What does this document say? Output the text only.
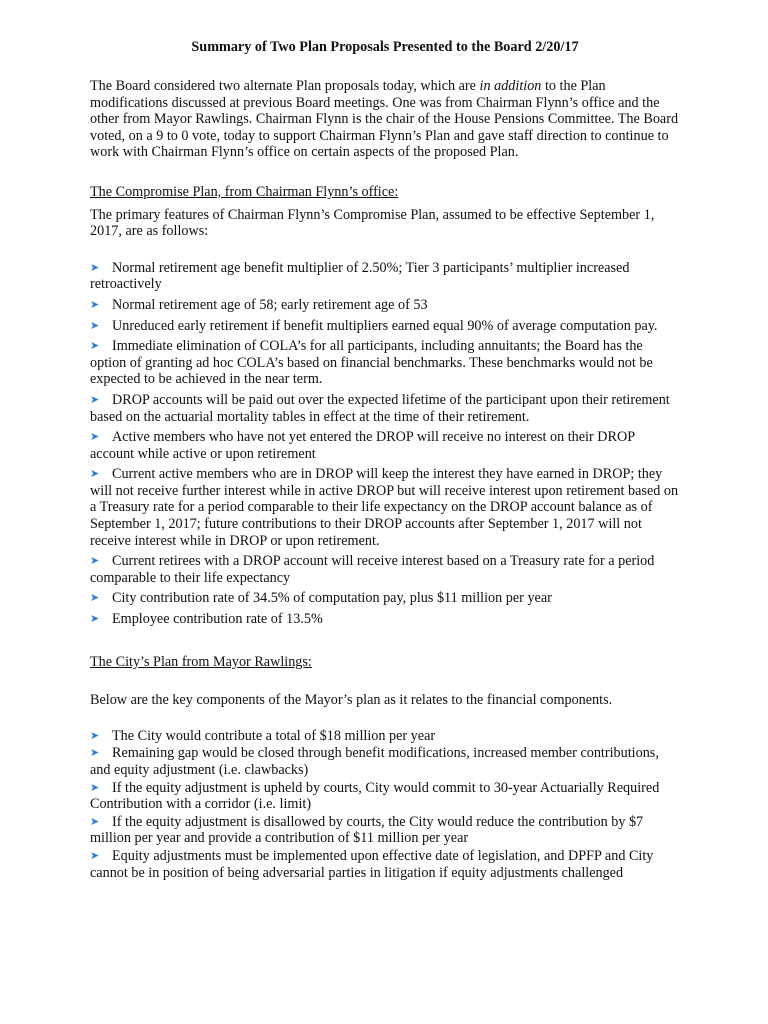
Summary of Two Plan Proposals Presented to the Board 2/20/17

The Board considered two alternate Plan proposals today, which are in addition to the Plan modifications discussed at previous Board meetings. One was from Chairman Flynn’s office and the other from Mayor Rawlings. Chairman Flynn is the chair of the House Pensions Committee. The Board voted, on a 9 to 0 vote, today to support Chairman Flynn’s Plan and gave staff direction to continue to work with Chairman Flynn’s office on certain aspects of the proposed Plan.

The Compromise Plan, from Chairman Flynn’s office:

The primary features of Chairman Flynn’s Compromise Plan, assumed to be effective September 1, 2017, are as follows:

➤ Normal retirement age benefit multiplier of 2.50%; Tier 3 participants’ multiplier increased retroactively
➤ Normal retirement age of 58; early retirement age of 53
➤ Unreduced early retirement if benefit multipliers earned equal 90% of average computation pay.
➤ Immediate elimination of COLA’s for all participants, including annuitants; the Board has the option of granting ad hoc COLA’s based on financial benchmarks. These benchmarks would not be expected to be achieved in the near term.
➤ DROP accounts will be paid out over the expected lifetime of the participant upon their retirement based on the actuarial mortality tables in effect at the time of their retirement.
➤ Active members who have not yet entered the DROP will receive no interest on their DROP account while active or upon retirement
➤ Current active members who are in DROP will keep the interest they have earned in DROP; they will not receive further interest while in active DROP but will receive interest upon retirement based on a Treasury rate for a period comparable to their life expectancy on the DROP account balance as of September 1, 2017; future contributions to their DROP accounts after September 1, 2017 will not receive interest while in DROP or upon retirement.
➤ Current retirees with a DROP account will receive interest based on a Treasury rate for a period comparable to their life expectancy
➤ City contribution rate of 34.5% of computation pay, plus $11 million per year
➤ Employee contribution rate of 13.5%

The City’s Plan from Mayor Rawlings:

Below are the key components of the Mayor’s plan as it relates to the financial components.

➤ The City would contribute a total of $18 million per year
➤ Remaining gap would be closed through benefit modifications, increased member contributions, and equity adjustment (i.e. clawbacks)
➤ If the equity adjustment is upheld by courts, City would commit to 30-year Actuarially Required Contribution with a corridor (i.e. limit)
➤ If the equity adjustment is disallowed by courts, the City would reduce the contribution by $7 million per year and provide a contribution of $11 million per year
➤ Equity adjustments must be implemented upon effective date of legislation, and DPFP and City cannot be in position of being adversarial parties in litigation if equity adjustments challenged
